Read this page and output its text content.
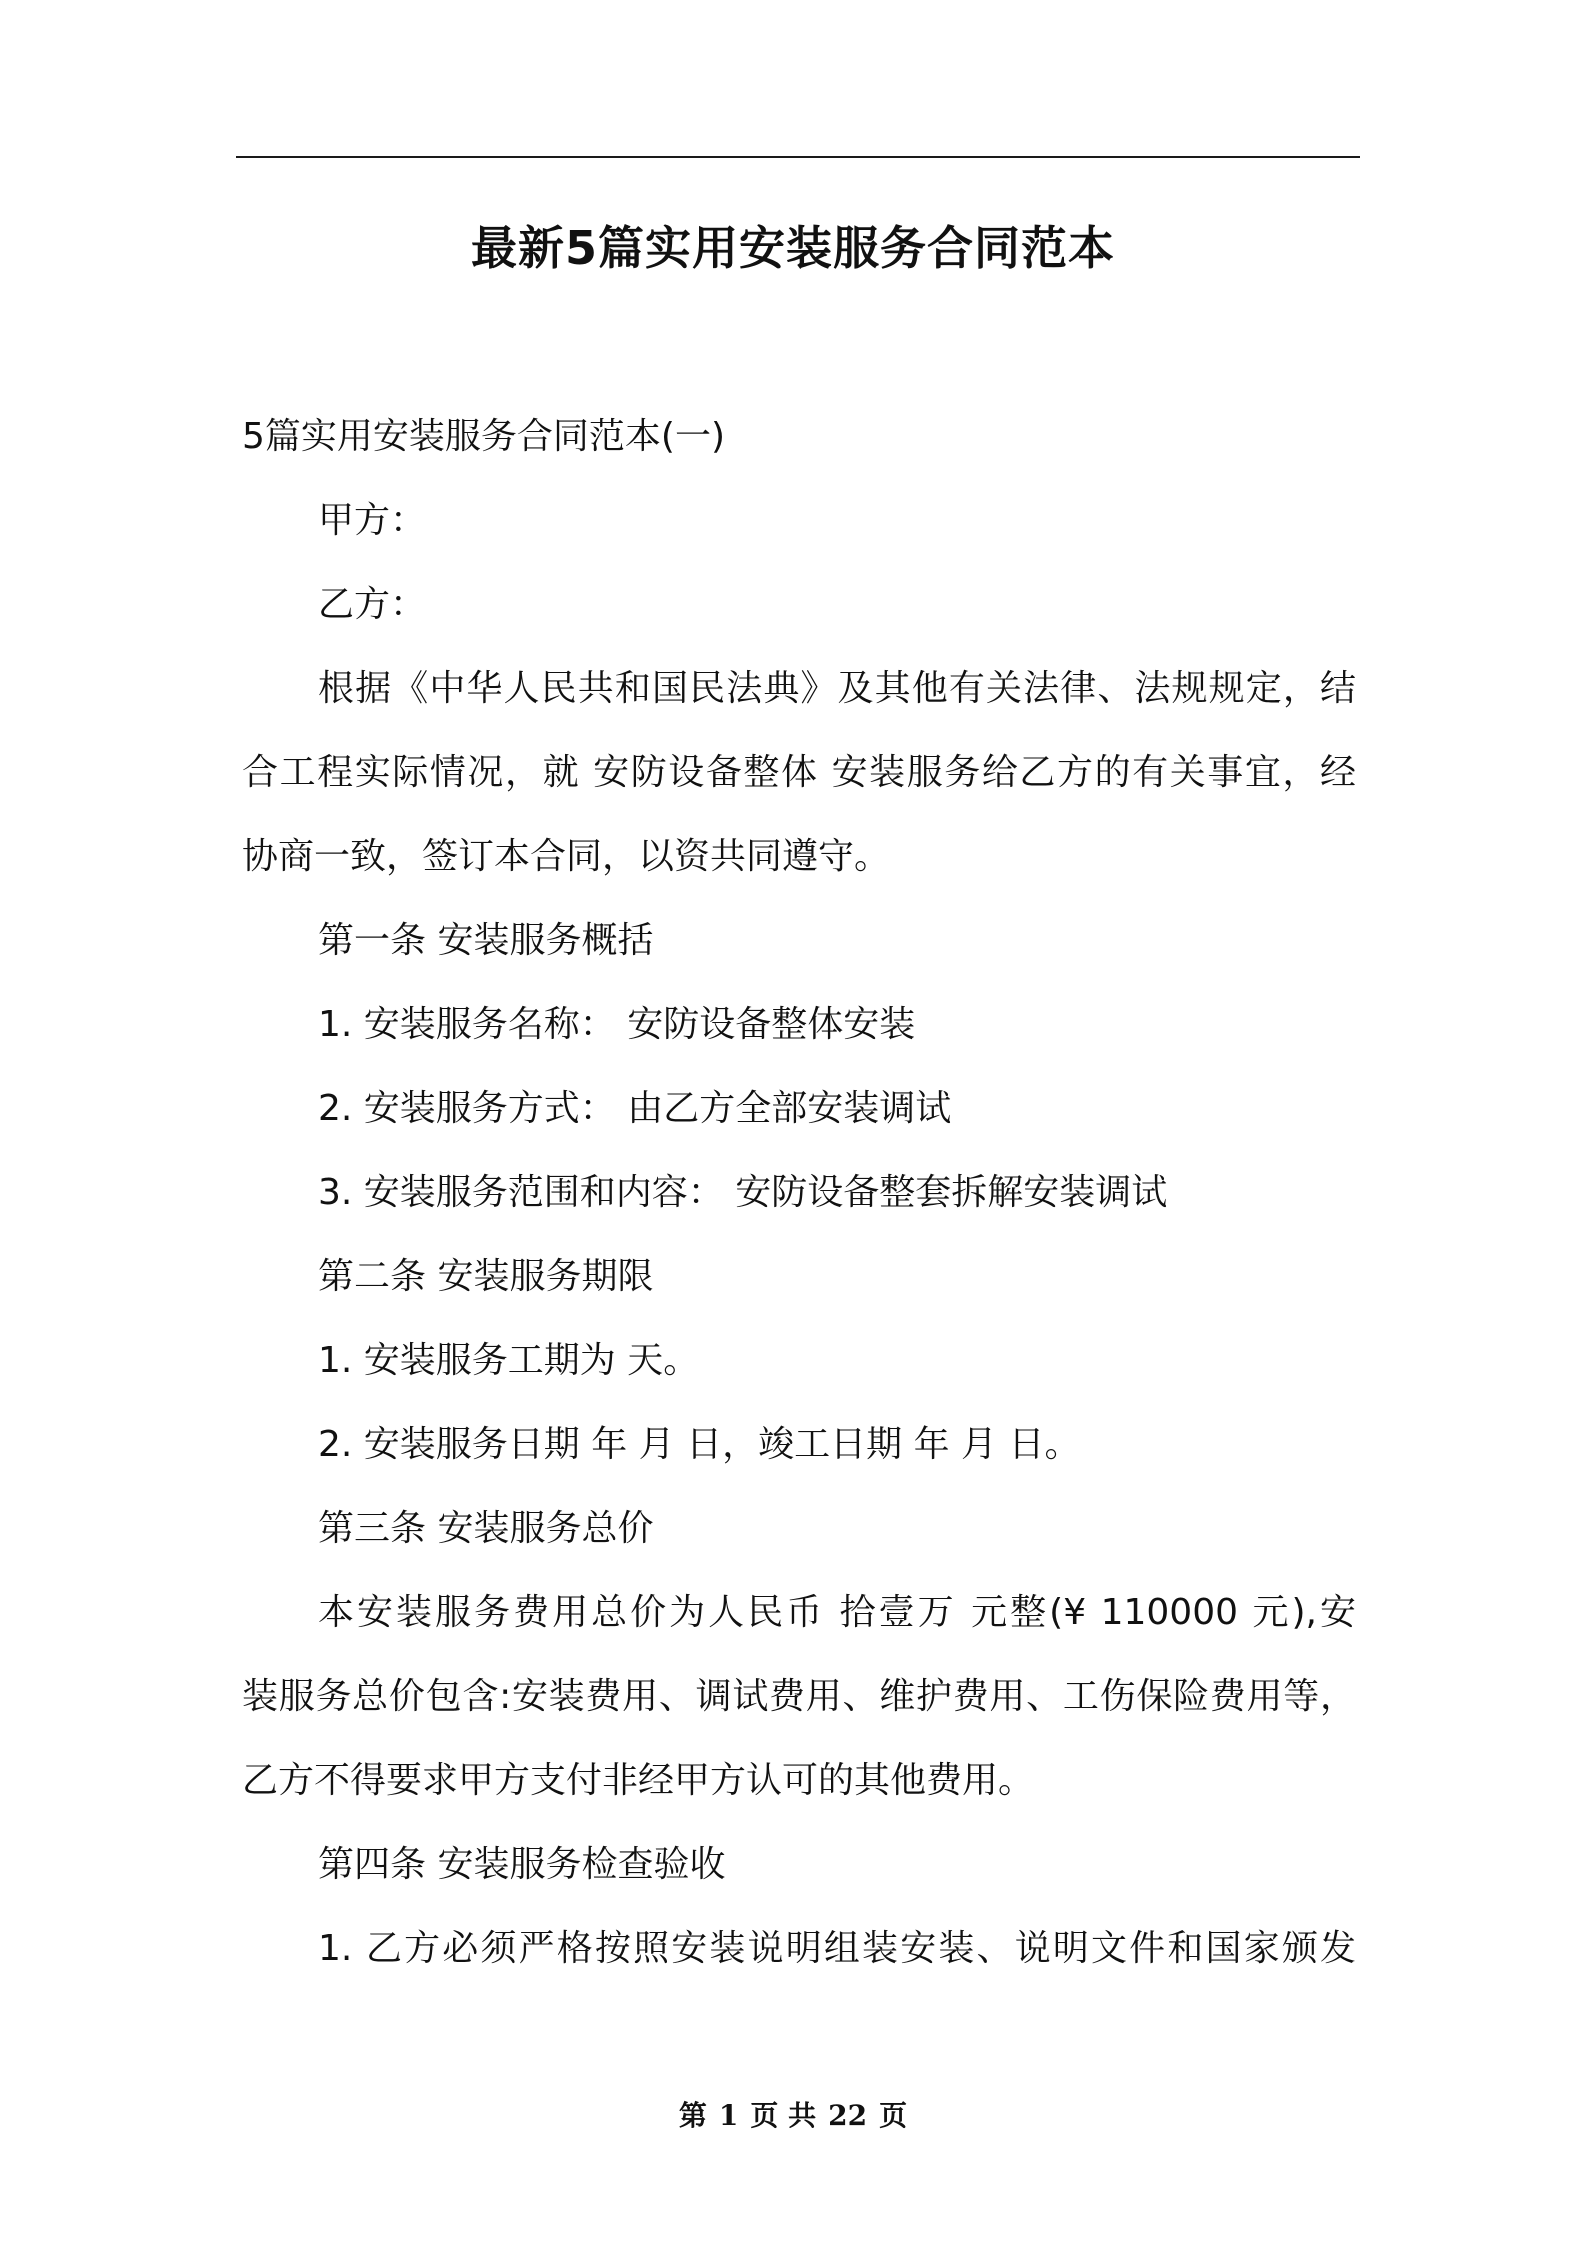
最新5篇实用安装服务合同范本
5篇实用安装服务合同范本(一)
甲方：
乙方：
根据《中华人民共和国民法典》及其他有关法律、法规规定，结
合工程实际情况，就 安防设备整体 安装服务给乙方的有关事宜，经
协商一致，签订本合同，以资共同遵守。
第一条 安装服务概括
1. 安装服务名称： 安防设备整体安装
2. 安装服务方式： 由乙方全部安装调试
3. 安装服务范围和内容： 安防设备整套拆解安装调试
第二条 安装服务期限
1. 安装服务工期为 天。
2. 安装服务日期 年 月 日，竣工日期 年 月 日。
第三条 安装服务总价
本安装服务费用总价为人民币 拾壹万 元整(¥ 110000 元),安
装服务总价包含:安装费用、调试费用、维护费用、工伤保险费用等，
乙方不得要求甲方支付非经甲方认可的其他费用。
第四条 安装服务检查验收
1. 乙方必须严格按照安装说明组装安装、说明文件和国家颁发
第 1 页 共 22 页
